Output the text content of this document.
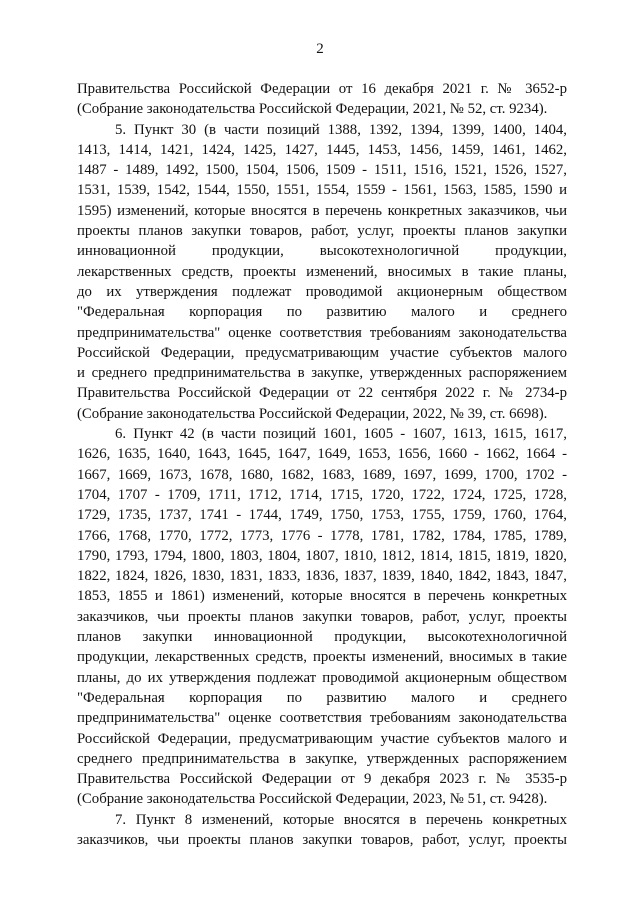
2
Правительства Российской Федерации от 16 декабря 2021 г. № 3652-р
(Собрание законодательства Российской Федерации, 2021, № 52, ст. 9234).
5. Пункт 30 (в части позиций 1388, 1392, 1394, 1399, 1400, 1404,
1413, 1414, 1421, 1424, 1425, 1427, 1445, 1453, 1456, 1459, 1461, 1462,
1487 - 1489, 1492, 1500, 1504, 1506, 1509 - 1511, 1516, 1521, 1526, 1527,
1531, 1539, 1542, 1544, 1550, 1551, 1554, 1559 - 1561, 1563, 1585, 1590 и
1595) изменений, которые вносятся в перечень конкретных заказчиков, чьи
проекты планов закупки товаров, работ, услуг, проекты планов закупки
инновационной продукции, высокотехнологичной продукции,
лекарственных средств, проекты изменений, вносимых в такие планы,
до их утверждения подлежат проводимой акционерным обществом
"Федеральная корпорация по развитию малого и среднего
предпринимательства" оценке соответствия требованиям законодательства
Российской Федерации, предусматривающим участие субъектов малого
и среднего предпринимательства в закупке, утвержденных распоряжением
Правительства Российской Федерации от 22 сентября 2022 г. № 2734-р
(Собрание законодательства Российской Федерации, 2022, № 39, ст. 6698).
6. Пункт 42 (в части позиций 1601, 1605 - 1607, 1613, 1615, 1617,
1626, 1635, 1640, 1643, 1645, 1647, 1649, 1653, 1656, 1660 - 1662, 1664 -
1667, 1669, 1673, 1678, 1680, 1682, 1683, 1689, 1697, 1699, 1700, 1702 -
1704, 1707 - 1709, 1711, 1712, 1714, 1715, 1720, 1722, 1724, 1725, 1728,
1729, 1735, 1737, 1741 - 1744, 1749, 1750, 1753, 1755, 1759, 1760, 1764,
1766, 1768, 1770, 1772, 1773, 1776 - 1778, 1781, 1782, 1784, 1785, 1789,
1790, 1793, 1794, 1800, 1803, 1804, 1807, 1810, 1812, 1814, 1815, 1819, 1820,
1822, 1824, 1826, 1830, 1831, 1833, 1836, 1837, 1839, 1840, 1842, 1843, 1847,
1853, 1855 и 1861) изменений, которые вносятся в перечень конкретных
заказчиков, чьи проекты планов закупки товаров, работ, услуг, проекты
планов закупки инновационной продукции, высокотехнологичной
продукции, лекарственных средств, проекты изменений, вносимых в такие
планы, до их утверждения подлежат проводимой акционерным обществом
"Федеральная корпорация по развитию малого и среднего
предпринимательства" оценке соответствия требованиям законодательства
Российской Федерации, предусматривающим участие субъектов малого и
среднего предпринимательства в закупке, утвержденных распоряжением
Правительства Российской Федерации от 9 декабря 2023 г. № 3535-р
(Собрание законодательства Российской Федерации, 2023, № 51, ст. 9428).
7. Пункт 8 изменений, которые вносятся в перечень конкретных
заказчиков, чьи проекты планов закупки товаров, работ, услуг, проекты
